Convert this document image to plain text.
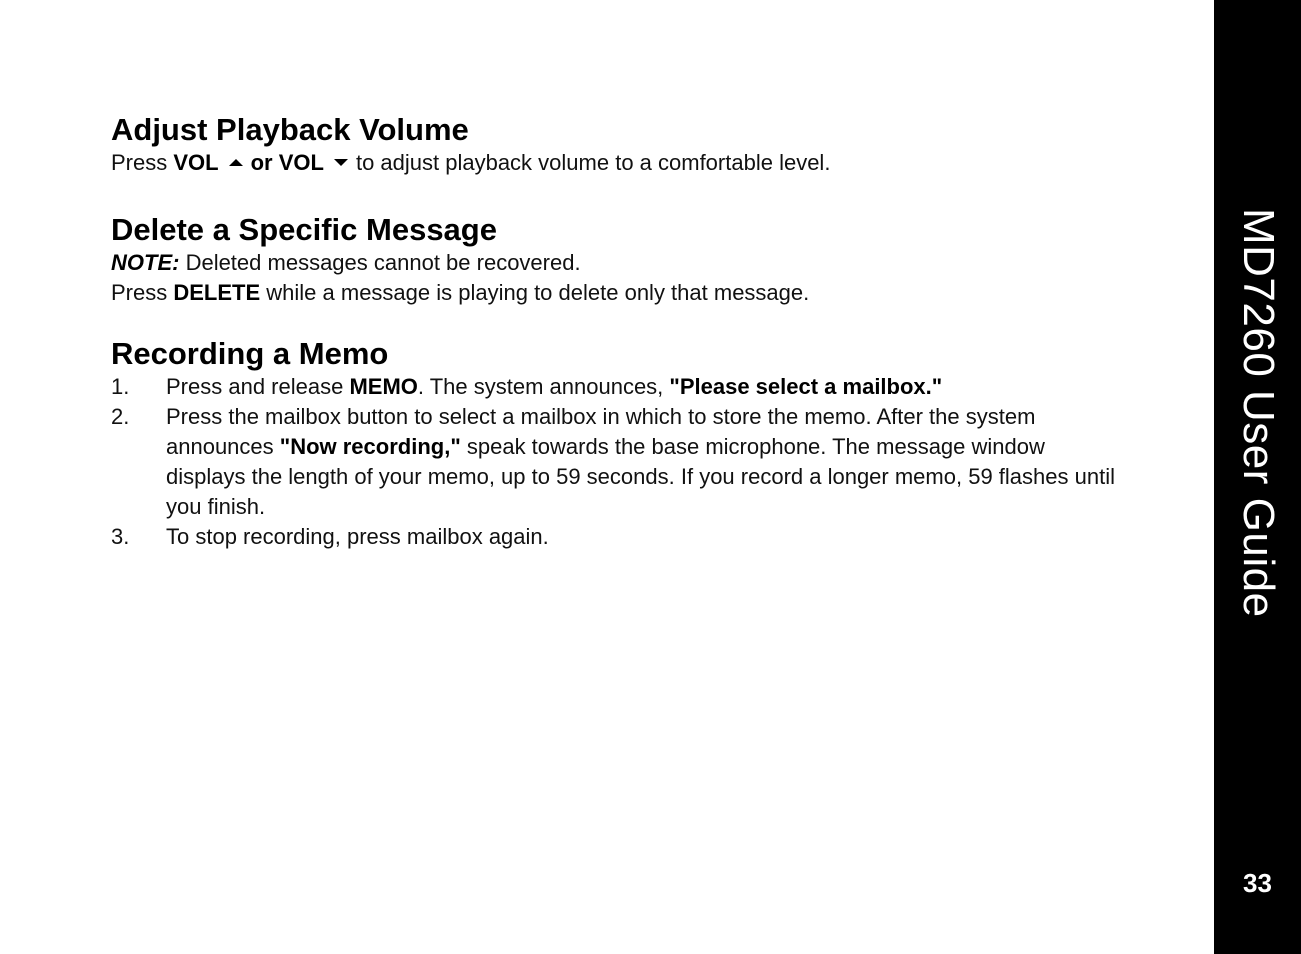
Adjust Playback Volume

Press VOL or VOL to adjust playback volume to a comfortable level.

Delete a Specific Message

NOTE: Deleted messages cannot be recovered.

Press DELETE while a message is playing to delete only that message.

Recording a Memo
1. Press and release MEMO. The system announces, "Please select a mailbox."
2. Press the mailbox button to select a mailbox in which to store the memo. After the system announces "Now recording," speak towards the base microphone. The message window displays the length of your memo, up to 59 seconds. If you record a longer memo, 59 flashes until you finish.
3. To stop recording, press mailbox again.	MD7260 User Guide
33
